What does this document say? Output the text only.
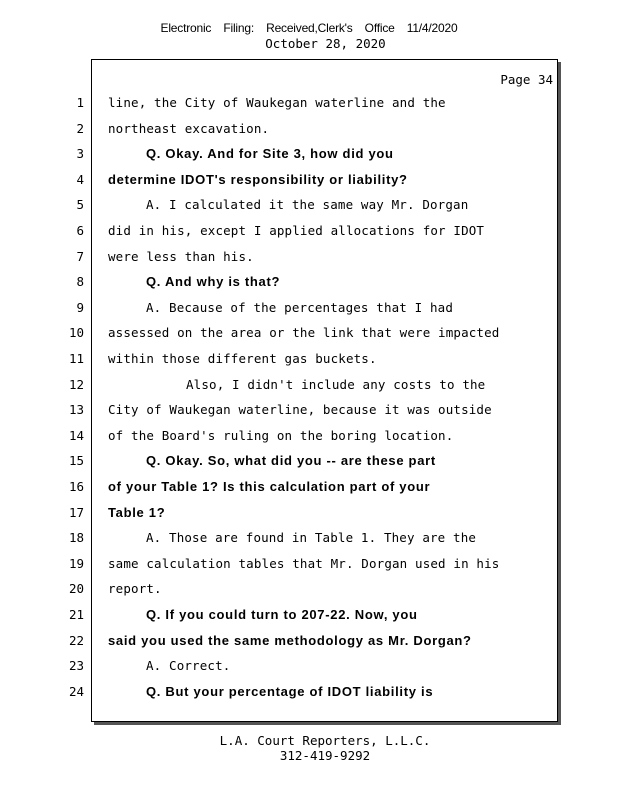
Electronic Filing: Received,Clerk's Office 11/4/2020
October 28, 2020
Page 34
1 line, the City of Waukegan waterline and the
2 northeast excavation.
3	Q. Okay. And for Site 3, how did you
4 determine IDOT's responsibility or liability?
5	A. I calculated it the same way Mr. Dorgan
6 did in his, except I applied allocations for IDOT
7 were less than his.
8	Q. And why is that?
9	A. Because of the percentages that I had
10 assessed on the area or the link that were impacted
11 within those different gas buckets.
12	Also, I didn't include any costs to the
13 City of Waukegan waterline, because it was outside
14 of the Board's ruling on the boring location.
15	Q. Okay. So, what did you -- are these part
16 of your Table 1? Is this calculation part of your
17 Table 1?
18	A. Those are found in Table 1. They are the
19 same calculation tables that Mr. Dorgan used in his
20 report.
21	Q. If you could turn to 207-22. Now, you
22 said you used the same methodology as Mr. Dorgan?
23	A. Correct.
24	Q. But your percentage of IDOT liability is
L.A. Court Reporters, L.L.C.
312-419-9292
